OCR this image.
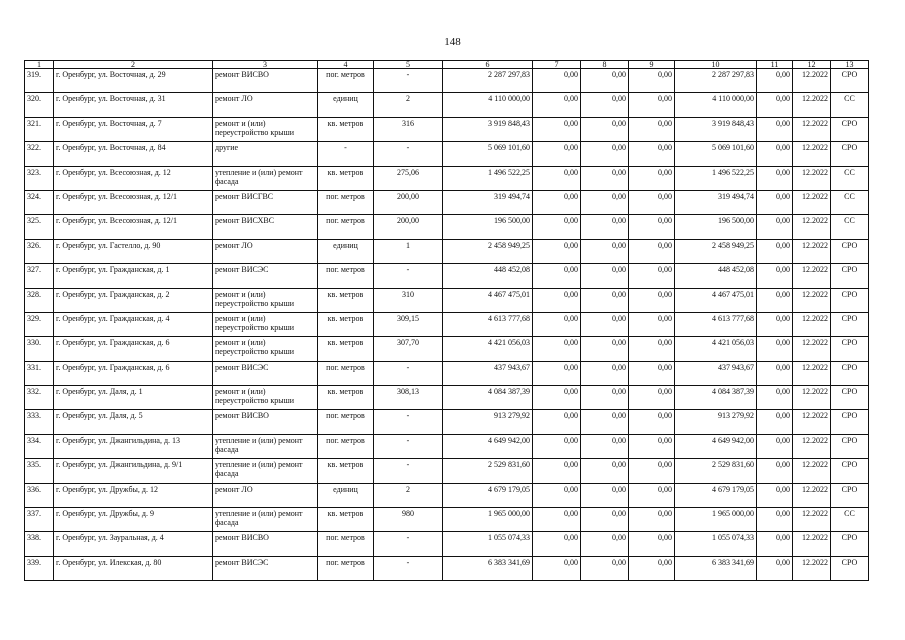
148
1	2	3	4	5	6	7	8	9	10	11	12	13
319.	г. Оренбург, ул. Восточная, д. 29	ремонт ВИСВО	пог. метров	-	2 287 297,83	0,00	0,00	0,00	2 287 297,83	0,00	12.2022	СРО
320.	г. Оренбург, ул. Восточная, д. 31	ремонт ЛО	единиц	2	4 110 000,00	0,00	0,00	0,00	4 110 000,00	0,00	12.2022	СС
321.	г. Оренбург, ул. Восточная, д. 7	ремонт и (или) переустройство крыши	кв. метров	316	3 919 848,43	0,00	0,00	0,00	3 919 848,43	0,00	12.2022	СРО
322.	г. Оренбург, ул. Восточная, д. 84	другие	-	-	5 069 101,60	0,00	0,00	0,00	5 069 101,60	0,00	12.2022	СРО
323.	г. Оренбург, ул. Всесоюзная, д. 12	утепление и (или) ремонт фасада	кв. метров	275,06	1 496 522,25	0,00	0,00	0,00	1 496 522,25	0,00	12.2022	СС
324.	г. Оренбург, ул. Всесоюзная, д. 12/1	ремонт ВИСГВС	пог. метров	200,00	319 494,74	0,00	0,00	0,00	319 494,74	0,00	12.2022	СС
325.	г. Оренбург, ул. Всесоюзная, д. 12/1	ремонт ВИСХВС	пог. метров	200,00	196 500,00	0,00	0,00	0,00	196 500,00	0,00	12.2022	СС
326.	г. Оренбург, ул. Гастелло, д. 90	ремонт ЛО	единиц	1	2 458 949,25	0,00	0,00	0,00	2 458 949,25	0,00	12.2022	СРО
327.	г. Оренбург, ул. Гражданская, д. 1	ремонт ВИСЭС	пог. метров	-	448 452,08	0,00	0,00	0,00	448 452,08	0,00	12.2022	СРО
328.	г. Оренбург, ул. Гражданская, д. 2	ремонт и (или) переустройство крыши	кв. метров	310	4 467 475,01	0,00	0,00	0,00	4 467 475,01	0,00	12.2022	СРО
329.	г. Оренбург, ул. Гражданская, д. 4	ремонт и (или) переустройство крыши	кв. метров	309,15	4 613 777,68	0,00	0,00	0,00	4 613 777,68	0,00	12.2022	СРО
330.	г. Оренбург, ул. Гражданская, д. 6	ремонт и (или) переустройство крыши	кв. метров	307,70	4 421 056,03	0,00	0,00	0,00	4 421 056,03	0,00	12.2022	СРО
331.	г. Оренбург, ул. Гражданская, д. 6	ремонт ВИСЭС	пог. метров	-	437 943,67	0,00	0,00	0,00	437 943,67	0,00	12.2022	СРО
332.	г. Оренбург, ул. Даля, д. 1	ремонт и (или) переустройство крыши	кв. метров	308,13	4 084 387,39	0,00	0,00	0,00	4 084 387,39	0,00	12.2022	СРО
333.	г. Оренбург, ул. Даля, д. 5	ремонт ВИСВО	пог. метров	-	913 279,92	0,00	0,00	0,00	913 279,92	0,00	12.2022	СРО
334.	г. Оренбург, ул. Джангильдина, д. 13	утепление и (или) ремонт фасада	пог. метров	-	4 649 942,00	0,00	0,00	0,00	4 649 942,00	0,00	12.2022	СРО
335.	г. Оренбург, ул. Джангильдина, д. 9/1	утепление и (или) ремонт фасада	кв. метров	-	2 529 831,60	0,00	0,00	0,00	2 529 831,60	0,00	12.2022	СРО
336.	г. Оренбург, ул. Дружбы, д. 12	ремонт ЛО	единиц	2	4 679 179,05	0,00	0,00	0,00	4 679 179,05	0,00	12.2022	СРО
337.	г. Оренбург, ул. Дружбы, д. 9	утепление и (или) ремонт фасада	кв. метров	980	1 965 000,00	0,00	0,00	0,00	1 965 000,00	0,00	12.2022	СС
338.	г. Оренбург, ул. Зауральная, д. 4	ремонт ВИСВО	пог. метров	-	1 055 074,33	0,00	0,00	0,00	1 055 074,33	0,00	12.2022	СРО
339.	г. Оренбург, ул. Илекская, д. 80	ремонт ВИСЭС	пог. метров	-	6 383 341,69	0,00	0,00	0,00	6 383 341,69	0,00	12.2022	СРО
